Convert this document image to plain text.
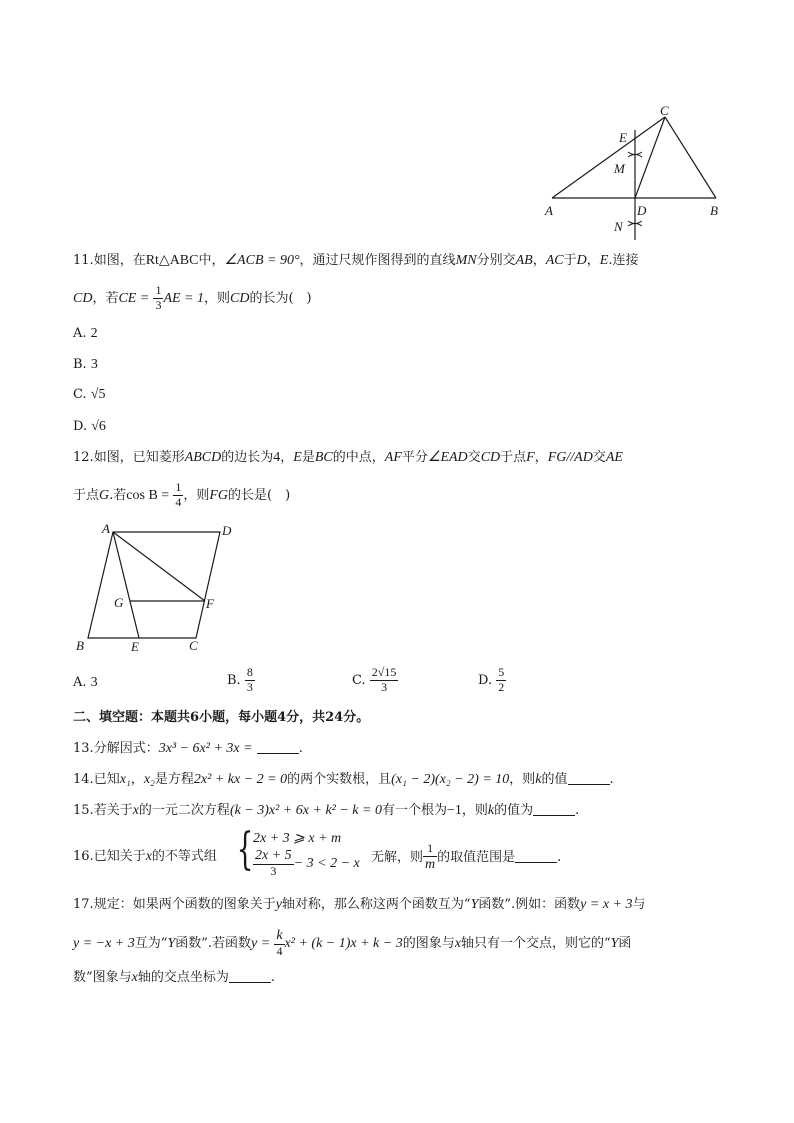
C
E
M
A	D	B
N
11.如图，在Rt△ABC中，∠ACB = 90°，通过尺规作图得到的直线MN分别交AB，AC于D，E.连接
CD，若CE = $\frac{1}{3}$ AE = 1，则CD的长为(　)
A. 2
B. 3
C. √5
D. √6
12.如图，已知菱形ABCD的边长为4，E是BC的中点，AF平分∠EAD交CD于点F，FG//AD交AE
于点G.若$\cos B = \frac{1}{4}$ ，则FG的长是(　)
A	D
G	F
B	E	C
A. 3	B. $\frac{8}{3}$	C. $\frac{2√15}{3}$	D. $\frac{5}{2}$
二、填空题：本题共6小题，每小题4分，共24分。
13.分解因式：3x³ − 6x² + 3x =	.
14.已知x₁，x₂是方程2x² + kx − 2 = 0的两个实数根，且(x₁ − 2)(x₂ − 2) = 10，则k的值	.
15.若关于x的一元二次方程(k − 3)x² + 6x + k² − k = 0有一个根为−1，则k的值为	.
16.已知关于x的不等式组 { 2x + 3 ⩾ x + m
$\frac{2x + 5}{3} - 3 < 2 - x$ 无解，则 $\frac{1}{m}$ 的取值范围是	.
17.规定：如果两个函数的图象关于y轴对称，那么称这两个函数互为“Y函数”.例如：函数y = x + 3与
y = −x + 3互为“Y函数”.若函数$y = \frac{k}{4} x^2 + (k - 1)x + k - 3$的图象与x轴只有一个交点，则它的“Y函
数”图象与x轴的交点坐标为	.
